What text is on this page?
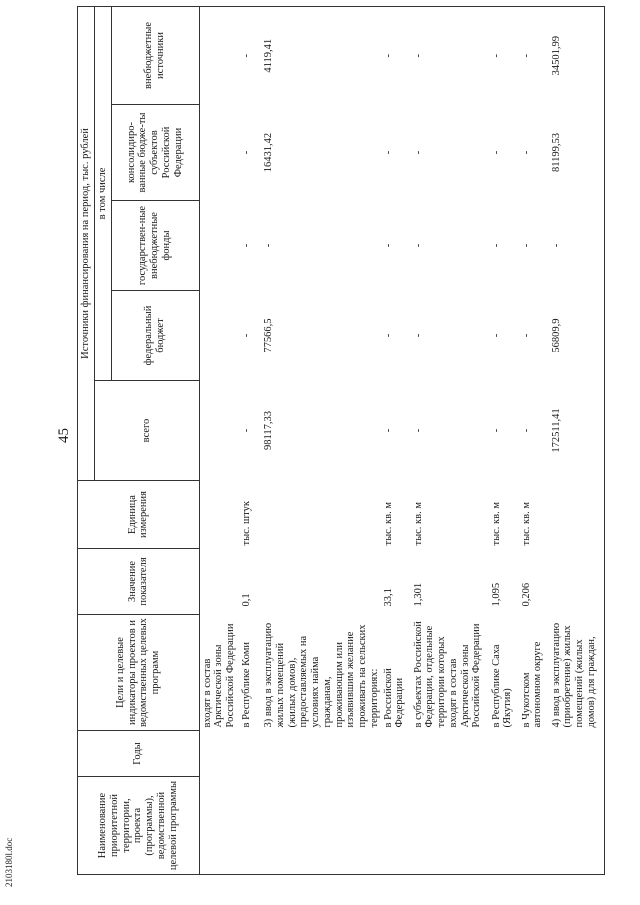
2103180l.doc
45
Наименование приоритетной территории, проекта (программы), ведомственной целевой программы	Годы	Цели и целевые индикаторы проектов и ведомственных целевых программ	Значение показателя	Единица измерения	Источники финансирования на период, тыс. рублей				
					всего	в том числе			
						федеральный бюджет	государствен-ные внебюджетные фонды	консолидиро-ванные бюдже-ты субъектов Российской Федерации	внебюджетные источники
		входят в состав Арктической зоны Российской Федерации							
		в Республике Коми	0,1	тыс. штук	-	-	-	-	-
		3) ввод в эксплуатацию жилых помещений (жилых домов), предоставляемых на условиях найма гражданам, проживающим или изъявившим желание проживать на сельских территориях:			98117,33	77566,5	-	16431,42	4119,41
		в Российской Федерации	33,1	тыс. кв. м	-	-	-	-	-
		в субъектах Российской Федерации, отдельные территории которых входят в состав Арктической зоны Российской Федерации	1,301	тыс. кв. м	-	-	-	-	-
		в Республике Саха (Якутия)	1,095	тыс. кв. м	-	-	-	-	-
		в Чукотском автономном округе	0,206	тыс. кв. м	-	-	-	-	-
		4) ввод в эксплуатацию (приобретение) жилых помещений (жилых домов) для граждан,			172511,41	56809,9	-	81199,53	34501,99
